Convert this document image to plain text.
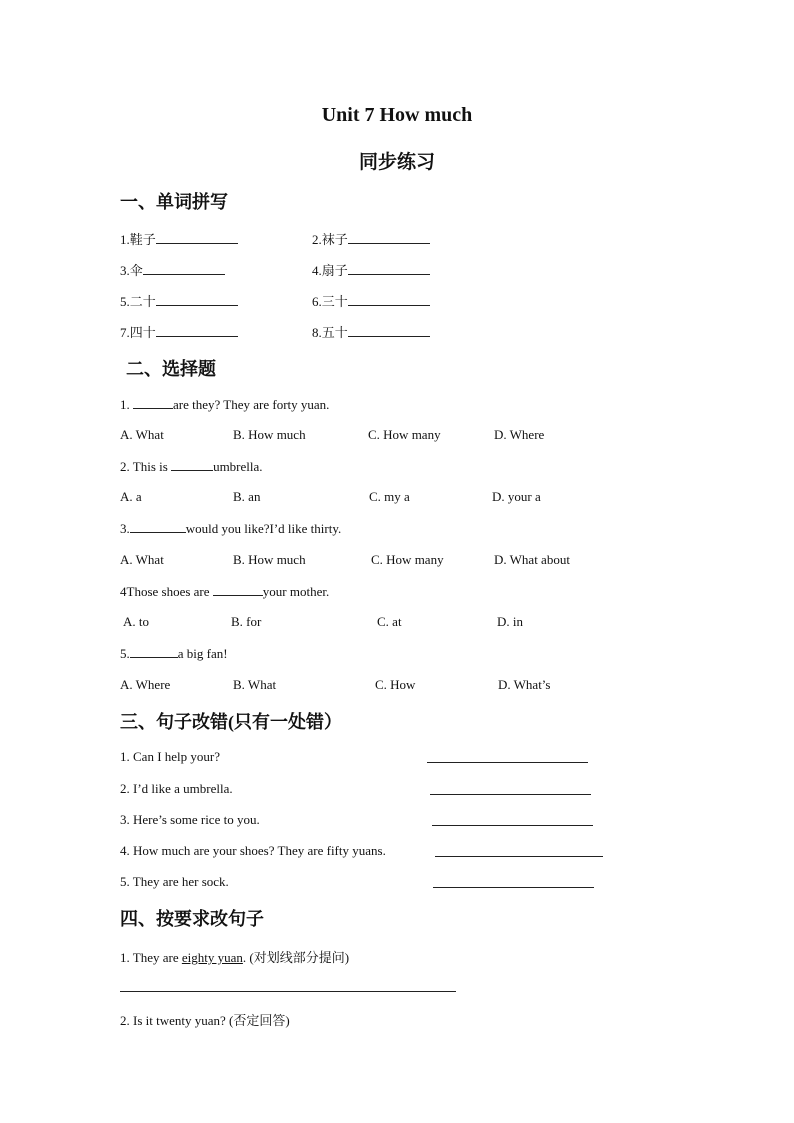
Unit 7 How much
同步练习
一、单词拼写
1.鞋子	2.袜子
3.伞	4.扇子
5.二十	6.三十
7.四十	8.五十
二、选择题
1.	are they? They are forty yuan.
A. What	B. How much	C. How many	D. Where
2. This is	umbrella.
A. a	B. an	C. my a	D. your a
3.	would you like?I’d like thirty.
A. What	B. How much	C. How many	D. What about
4Those shoes are	your mother.
A. to	B. for	C. at	D. in
5.	a big fan!
A. Where	B. What	C. How	D. What’s
三、句子改错(只有一处错）
1. Can I help your?
2. I’d like a umbrella.
3. Here’s some rice to you.
4. How much are your shoes? They are fifty yuans.
5. They are her sock.
四、按要求改句子
1. They are eighty yuan. (对划线部分提问)
2. Is it twenty yuan? (否定回答)
